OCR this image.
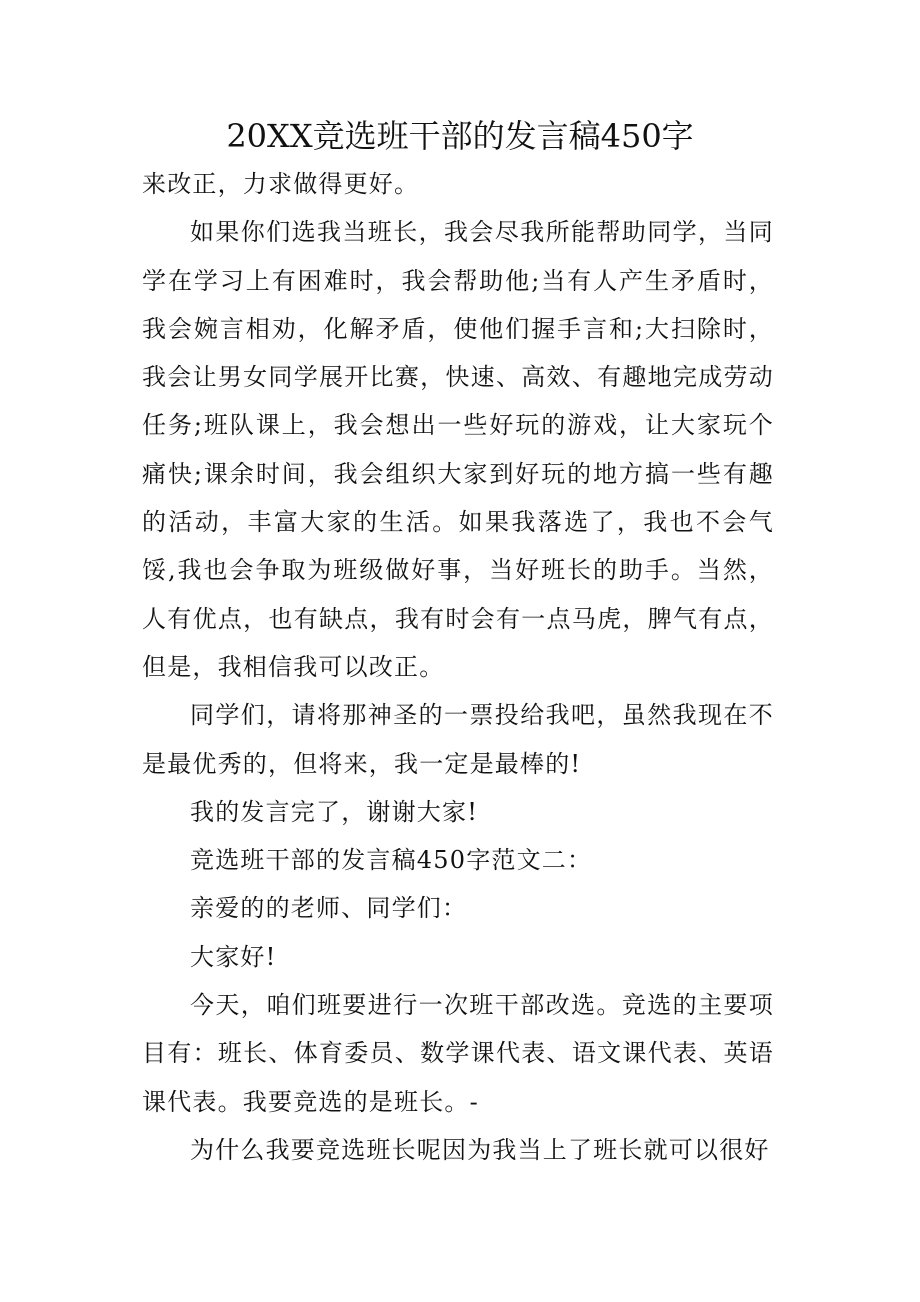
20XX竞选班干部的发言稿450字

来改正，力求做得更好。

如果你们选我当班长，我会尽我所能帮助同学，当同学在学习上有困难时，我会帮助他;当有人产生矛盾时，我会婉言相劝，化解矛盾，使他们握手言和;大扫除时，我会让男女同学展开比赛，快速、高效、有趣地完成劳动任务;班队课上，我会想出一些好玩的游戏，让大家玩个痛快;课余时间，我会组织大家到好玩的地方搞一些有趣的活动，丰富大家的生活。如果我落选了，我也不会气馁,我也会争取为班级做好事，当好班长的助手。当然，人有优点，也有缺点，我有时会有一点马虎，脾气有点，但是，我相信我可以改正。

同学们，请将那神圣的一票投给我吧，虽然我现在不是最优秀的，但将来，我一定是最棒的!

我的发言完了，谢谢大家!

竞选班干部的发言稿450字范文二：

亲爱的的老师、同学们：

大家好!

今天，咱们班要进行一次班干部改选。竞选的主要项目有：班长、体育委员、数学课代表、语文课代表、英语课代表。我要竞选的是班长。-

为什么我要竞选班长呢因为我当上了班长就可以很好
